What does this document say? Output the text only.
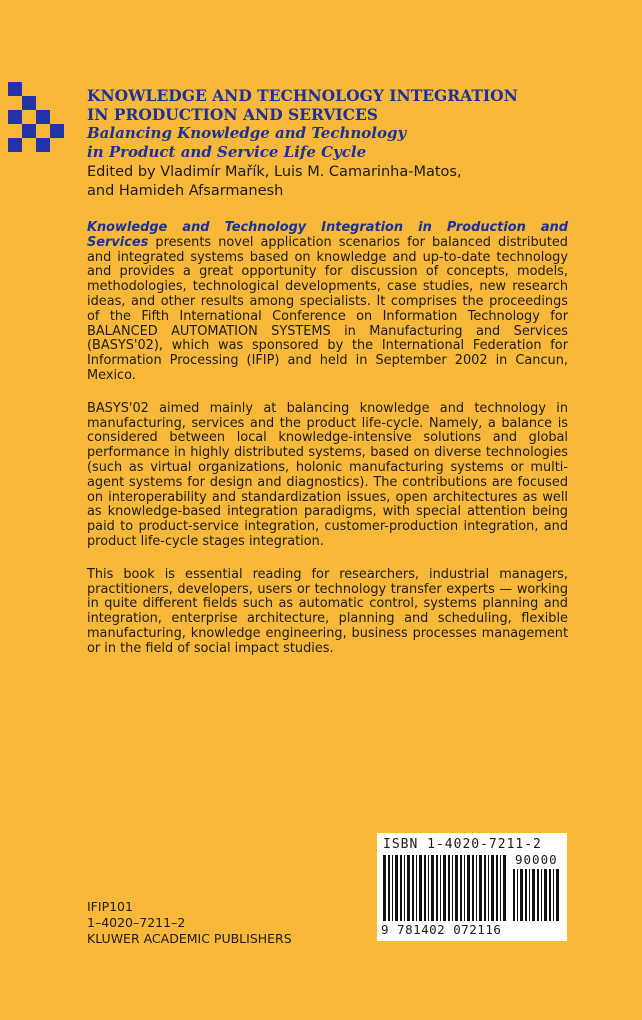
KNOWLEDGE AND TECHNOLOGY INTEGRATION
IN PRODUCTION AND SERVICES
Balancing Knowledge and Technology
in Product and Service Life Cycle
Edited by Vladimír Mařík, Luis M. Camarinha-Matos,
and Hamideh Afsarmanesh

Knowledge and Technology Integration in Production and Services presents novel application scenarios for balanced distributed and integrated systems based on knowledge and up-to-date technology and provides a great opportunity for discussion of concepts, models, methodologies, technological developments, case studies, new research ideas, and other results among specialists. It comprises the proceedings of the Fifth International Conference on Information Technology for BALANCED AUTOMATION SYSTEMS in Manufacturing and Services (BASYS'02), which was sponsored by the International Federation for Information Processing (IFIP) and held in September 2002 in Cancun, Mexico.

BASYS'02 aimed mainly at balancing knowledge and technology in manufacturing, services and the product life-cycle. Namely, a balance is considered between local knowledge-intensive solutions and global performance in highly distributed systems, based on diverse technologies (such as virtual organizations, holonic manufacturing systems or multi-agent systems for design and diagnostics). The contributions are focused on interoperability and standardization issues, open architectures as well as knowledge-based integration paradigms, with special attention being paid to product-service integration, customer-production integration, and product life-cycle stages integration.

This book is essential reading for researchers, industrial managers, practitioners, developers, users or technology transfer experts — working in quite different fields such as automatic control, systems planning and integration, enterprise architecture, planning and scheduling, flexible manufacturing, knowledge engineering, business processes management or in the field of social impact studies.

ISBN 1-4020-7211-2
90000
9 781402 072116
IFIP101
1–4020–7211–2
KLUWER ACADEMIC PUBLISHERS
